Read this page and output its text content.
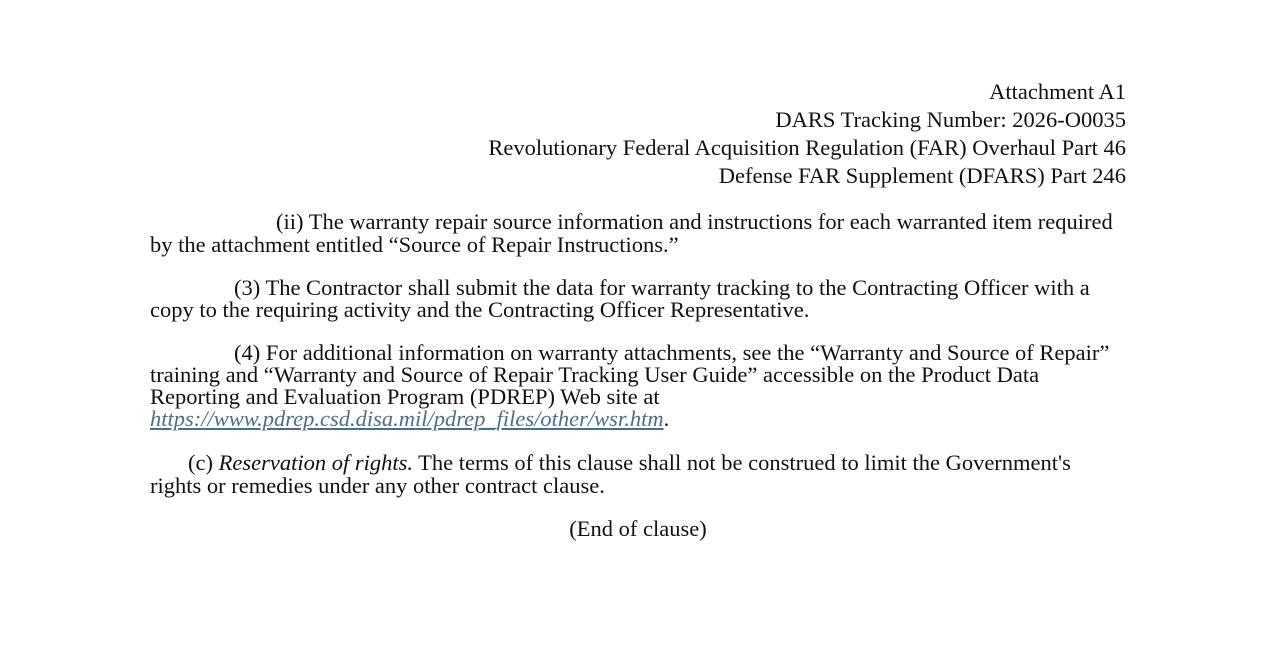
Attachment A1
DARS Tracking Number: 2026-O0035
Revolutionary Federal Acquisition Regulation (FAR) Overhaul Part 46
Defense FAR Supplement (DFARS) Part 246

(ii) The warranty repair source information and instructions for each warranted item required by the attachment entitled “Source of Repair Instructions.”

(3) The Contractor shall submit the data for warranty tracking to the Contracting Officer with a copy to the requiring activity and the Contracting Officer Representative.

(4) For additional information on warranty attachments, see the “Warranty and Source of Repair” training and “Warranty and Source of Repair Tracking User Guide” accessible on the Product Data Reporting and Evaluation Program (PDREP) Web site at https://www.pdrep.csd.disa.mil/pdrep_files/other/wsr.htm.

(c) Reservation of rights. The terms of this clause shall not be construed to limit the Government's rights or remedies under any other contract clause.

(End of clause)
